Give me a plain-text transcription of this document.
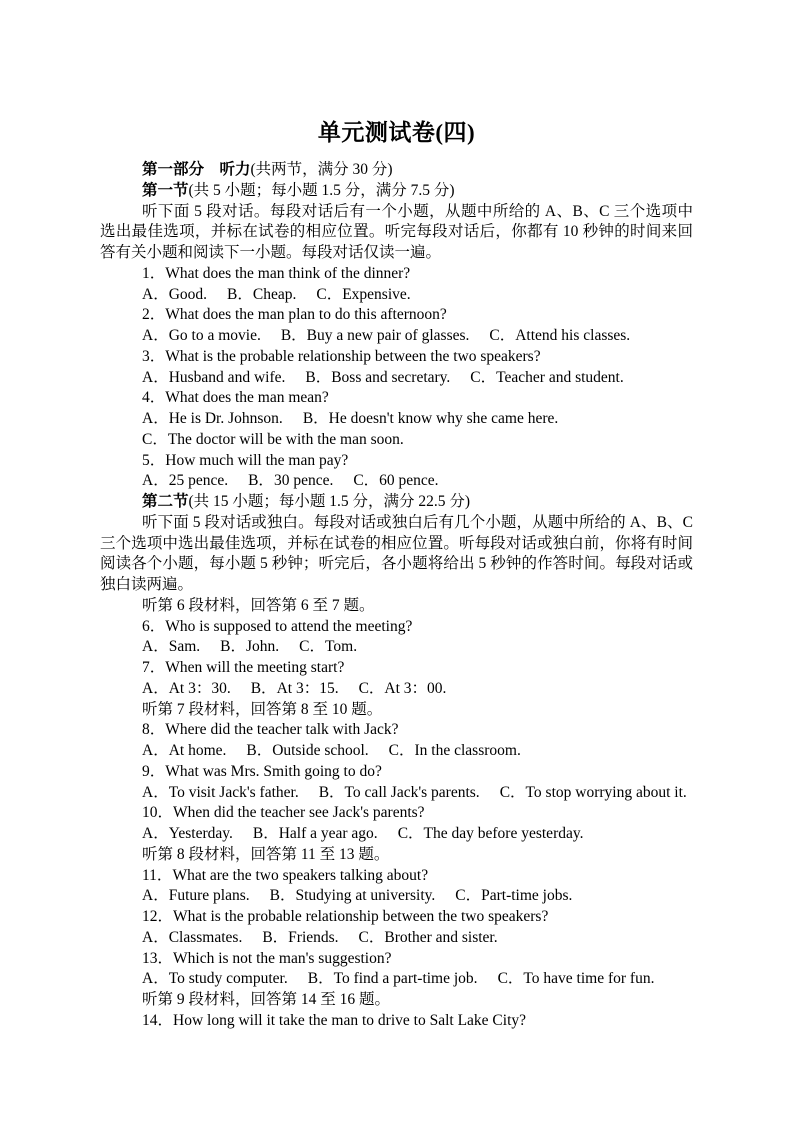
单元测试卷(四)
第一部分　听力(共两节，满分 30 分)
第一节(共 5 小题；每小题 1.5 分，满分 7.5 分)
听下面 5 段对话。每段对话后有一个小题，从题中所给的 A、B、C 三个选项中选出最佳选项，并标在试卷的相应位置。听完每段对话后，你都有 10 秒钟的时间来回答有关小题和阅读下一小题。每段对话仅读一遍。
1．What does the man think of the dinner?
A．Good. B．Cheap. C．Expensive.
2．What does the man plan to do this afternoon?
A．Go to a movie. B．Buy a new pair of glasses. C．Attend his classes.
3．What is the probable relationship between the two speakers?
A．Husband and wife. B．Boss and secretary. C．Teacher and student.
4．What does the man mean?
A．He is Dr. Johnson. B．He doesn't know why she came here.
C．The doctor will be with the man soon.
5．How much will the man pay?
A．25 pence. B．30 pence. C．60 pence.
第二节(共 15 小题；每小题 1.5 分，满分 22.5 分)
听下面 5 段对话或独白。每段对话或独白后有几个小题，从题中所给的 A、B、C 三个选项中选出最佳选项，并标在试卷的相应位置。听每段对话或独白前，你将有时间阅读各个小题，每小题 5 秒钟；听完后，各小题将给出 5 秒钟的作答时间。每段对话或独白读两遍。
听第 6 段材料，回答第 6 至 7 题。
6．Who is supposed to attend the meeting?
A．Sam. B．John. C．Tom.
7．When will the meeting start?
A．At 3：30. B．At 3：15. C．At 3：00.
听第 7 段材料，回答第 8 至 10 题。
8．Where did the teacher talk with Jack?
A．At home. B．Outside school. C．In the classroom.
9．What was Mrs. Smith going to do?
A．To visit Jack's father. B．To call Jack's parents. C．To stop worrying about it.
10．When did the teacher see Jack's parents?
A．Yesterday. B．Half a year ago. C．The day before yesterday.
听第 8 段材料，回答第 11 至 13 题。
11．What are the two speakers talking about?
A．Future plans. B．Studying at university. C．Part-time jobs.
12．What is the probable relationship between the two speakers?
A．Classmates. B．Friends. C．Brother and sister.
13．Which is not the man's suggestion?
A．To study computer. B．To find a part-time job. C．To have time for fun.
听第 9 段材料，回答第 14 至 16 题。
14．How long will it take the man to drive to Salt Lake City?
